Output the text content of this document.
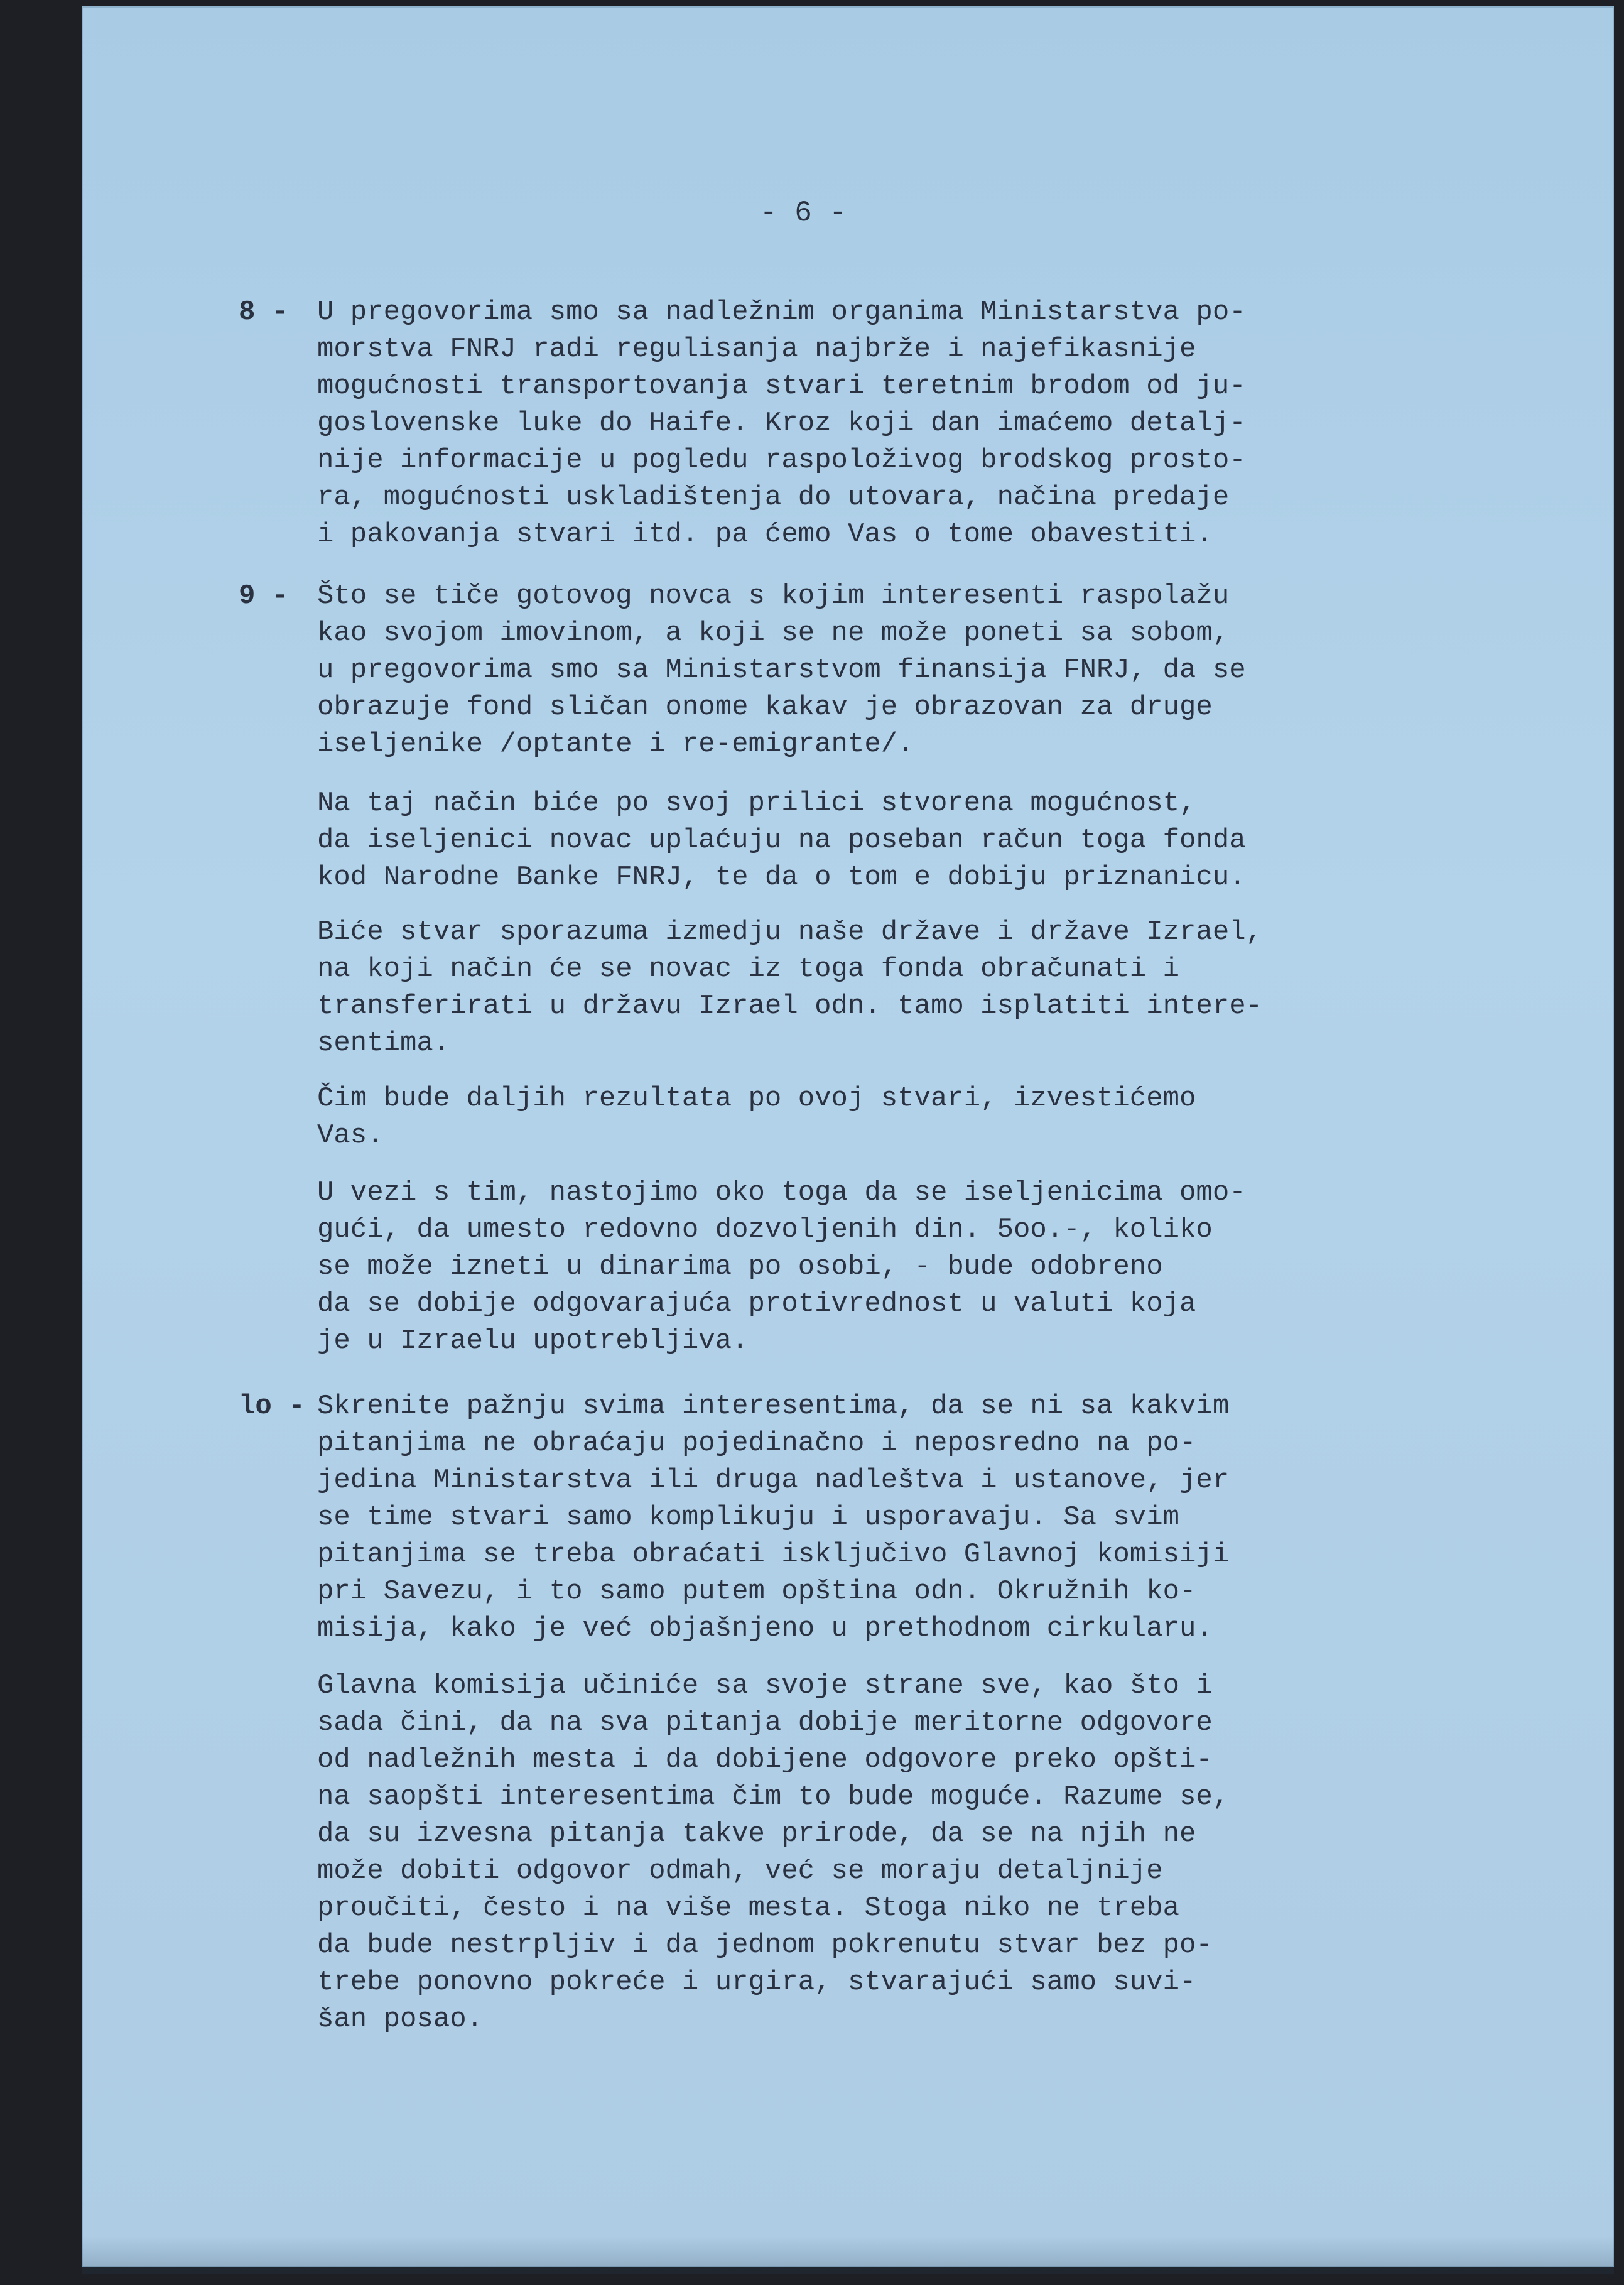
- 6 -
8 - U pregovorima smo sa nadležnim organima Ministarstva po-
morstva FNRJ radi regulisanja najbrže i najefikasnije
mogućnosti transportovanja stvari teretnim brodom od ju-
goslovenske luke do Haife. Kroz koji dan imaćemo detalj-
nije informacije u pogledu raspoloživog brodskog prosto-
ra, mogućnosti uskladištenja do utovara, načina predaje
i pakovanja stvari itd. pa ćemo Vas o tome obavestiti.

9 - Što se tiče gotovog novca s kojim interesenti raspolažu
kao svojom imovinom, a koji se ne može poneti sa sobom,
u pregovorima smo sa Ministarstvom finansija FNRJ, da se
obrazuje fond sličan onome kakav je obrazovan za druge
iseljenike /optante i re-emigrante/.

Na taj način biće po svoj prilici stvorena mogućnost,
da iseljenici novac uplaćuju na poseban račun toga fonda
kod Narodne Banke FNRJ, te da o tom e dobiju priznanicu.

Biće stvar sporazuma izmedju naše države i države Izrael,
na koji način će se novac iz toga fonda obračunati i
transferirati u državu Izrael odn. tamo isplatiti intere-
sentima.

Čim bude daljih rezultata po ovoj stvari, izvestićemo
Vas.

U vezi s tim, nastojimo oko toga da se iseljenicima omo-
gući, da umesto redovno dozvoljenih din. 5oo.-, koliko
se može izneti u dinarima po osobi, - bude odobreno
da se dobije odgovarajuća protivrednost u valuti koja
je u Izraelu upotrebljiva.

lo - Skrenite pažnju svima interesentima, da se ni sa kakvim
pitanjima ne obraćaju pojedinačno i neposredno na po-
jedina Ministarstva ili druga nadleštva i ustanove, jer
se time stvari samo komplikuju i usporavaju. Sa svim
pitanjima se treba obraćati isključivo Glavnoj komisiji
pri Savezu, i to samo putem opština odn. Okružnih ko-
misija, kako je već objašnjeno u prethodnom cirkularu.

Glavna komisija učiniće sa svoje strane sve, kao što i
sada čini, da na sva pitanja dobije meritorne odgovore
od nadležnih mesta i da dobijene odgovore preko opšti-
na saopšti interesentima čim to bude moguće. Razume se,
da su izvesna pitanja takve prirode, da se na njih ne
može dobiti odgovor odmah, već se moraju detaljnije
proučiti, često i na više mesta. Stoga niko ne treba
da bude nestrpljiv i da jednom pokrenutu stvar bez po-
trebe ponovno pokreće i urgira, stvarajući samo suvi-
šan posao.
